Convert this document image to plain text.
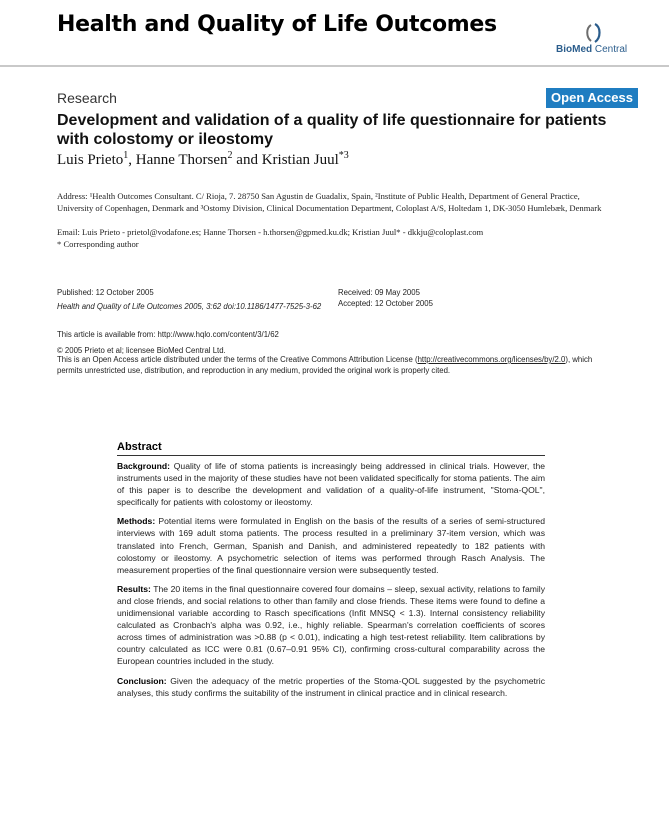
Health and Quality of Life Outcomes
BioMed Central
Research	Open Access
Development and validation of a quality of life questionnaire for patients with colostomy or ileostomy
Luis Prieto$^1$, Hanne Thorsen$^2$ and Kristian Juul$^{*3}$
Address: ¹Health Outcomes Consultant. C/ Rioja, 7. 28750 San Agustin de Guadalix, Spain, ²Institute of Public Health, Department of General Practice, University of Copenhagen, Denmark and ³Ostomy Division, Clinical Documentation Department, Coloplast A/S, Holtedam 1, DK-3050 Humlebæk, Denmark
Email: Luis Prieto - prietol@vodafone.es; Hanne Thorsen - h.thorsen@gpmed.ku.dk; Kristian Juul* - dkkju@coloplast.com
* Corresponding author
Published: 12 October 2005
Health and Quality of Life Outcomes 2005, 3:62 doi:10.1186/1477-7525-3-62
Received: 09 May 2005
Accepted: 12 October 2005
This article is available from: http://www.hqlo.com/content/3/1/62
© 2005 Prieto et al; licensee BioMed Central Ltd.
This is an Open Access article distributed under the terms of the Creative Commons Attribution License (http://creativecommons.org/licenses/by/2.0), which permits unrestricted use, distribution, and reproduction in any medium, provided the original work is properly cited.
Abstract

Background: Quality of life of stoma patients is increasingly being addressed in clinical trials. However, the instruments used in the majority of these studies have not been validated specifically for stoma patients. The aim of this paper is to describe the development and validation of a quality-of-life instrument, "Stoma-QOL", specifically for patients with colostomy or ileostomy.

Methods: Potential items were formulated in English on the basis of the results of a series of semi-structured interviews with 169 adult stoma patients. The process resulted in a preliminary 37-item version, which was translated into French, German, Spanish and Danish, and administered repeatedly to 182 patients with colostomy or ileostomy. A psychometric selection of items was performed through Rasch Analysis. The measurement properties of the final questionnaire version were subsequently tested.

Results: The 20 items in the final questionnaire covered four domains – sleep, sexual activity, relations to family and close friends, and social relations to other than family and close friends. These items were found to define a unidimensional variable according to Rasch specifications (Infit MNSQ < 1.3). Internal consistency reliability calculated as Cronbach's alpha was 0.92, i.e., highly reliable. Spearman's correlation coefficients of scores across times of administration was >0.88 (p < 0.01), indicating a high test-retest reliability. Item calibrations by country calculated as ICC were 0.81 (0.67–0.91 95% CI), confirming cross-cultural comparability across the European countries included in the study.

Conclusion: Given the adequacy of the metric properties of the Stoma-QOL suggested by the psychometric analyses, this study confirms the suitability of the instrument in clinical practice and in clinical research.
